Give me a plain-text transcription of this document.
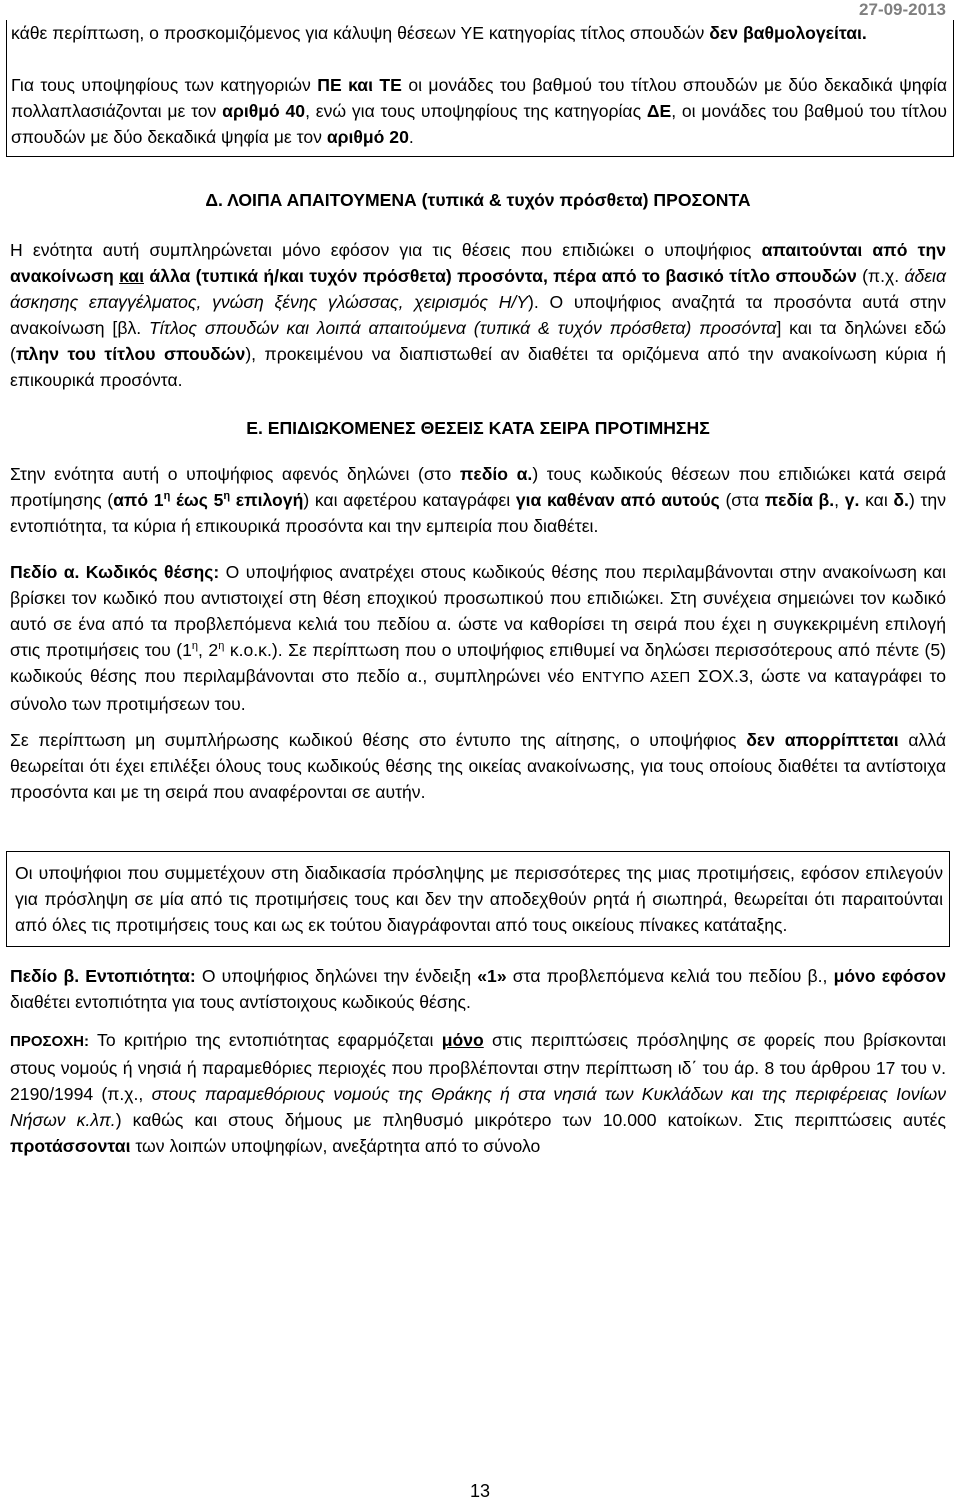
27-09-2013

κάθε περίπτωση, ο προσκομιζόμενος για κάλυψη θέσεων ΥΕ κατηγορίας τίτλος σπουδών δεν βαθμολογείται.

Για τους υποψηφίους των κατηγοριών ΠΕ και ΤΕ οι μονάδες του βαθμού του τίτλου σπουδών με δύο δεκαδικά ψηφία πολλαπλασιάζονται με τον αριθμό 40, ενώ για τους υποψηφίους της κατηγορίας ΔΕ, οι μονάδες του βαθμού του τίτλου σπουδών με δύο δεκαδικά ψηφία με τον αριθμό 20.

Δ. ΛΟΙΠΑ ΑΠΑΙΤΟΥΜΕΝΑ (τυπικά & τυχόν πρόσθετα) ΠΡΟΣΟΝΤΑ

Η ενότητα αυτή συμπληρώνεται μόνο εφόσον για τις θέσεις που επιδιώκει ο υποψήφιος απαιτούνται από την ανακοίνωση και άλλα (τυπικά ή/και τυχόν πρόσθετα) προσόντα, πέρα από το βασικό τίτλο σπουδών (π.χ. άδεια άσκησης επαγγέλματος, γνώση ξένης γλώσσας, χειρισμός Η/Υ). Ο υποψήφιος αναζητά τα προσόντα αυτά στην ανακοίνωση [βλ. Τίτλος σπουδών και λοιπά απαιτούμενα (τυπικά & τυχόν πρόσθετα) προσόντα] και τα δηλώνει εδώ (πλην του τίτλου σπουδών), προκειμένου να διαπιστωθεί αν διαθέτει τα οριζόμενα από την ανακοίνωση κύρια ή επικουρικά προσόντα.

Ε. ΕΠΙΔΙΩΚΟΜΕΝΕΣ ΘΕΣΕΙΣ ΚΑΤΑ ΣΕΙΡΑ ΠΡΟΤΙΜΗΣΗΣ

Στην ενότητα αυτή ο υποψήφιος αφενός δηλώνει (στο πεδίο α.) τους κωδικούς θέσεων που επιδιώκει κατά σειρά προτίμησης (από $1^\eta$ έως $5^\eta$ επιλογή) και αφετέρου καταγράφει για καθέναν από αυτούς (στα πεδία β., γ. και δ.) την εντοπιότητα, τα κύρια ή επικουρικά προσόντα και την εμπειρία που διαθέτει.

Πεδίο α. Κωδικός θέσης: Ο υποψήφιος ανατρέχει στους κωδικούς θέσης που περιλαμβάνονται στην ανακοίνωση και βρίσκει τον κωδικό που αντιστοιχεί στη θέση εποχικού προσωπικού που επιδιώκει. Στη συνέχεια σημειώνει τον κωδικό αυτό σε ένα από τα προβλεπόμενα κελιά του πεδίου α. ώστε να καθορίσει τη σειρά που έχει η συγκεκριμένη επιλογή στις προτιμήσεις του ($1^\eta$, $2^\eta$ κ.ο.κ.). Σε περίπτωση που ο υποψήφιος επιθυμεί να δηλώσει περισσότερους από πέντε (5) κωδικούς θέσης που περιλαμβάνονται στο πεδίο α., συμπληρώνει νέο ΕΝΤΥΠΟ ΑΣΕΠ ΣΟΧ.3, ώστε να καταγράφει το σύνολο των προτιμήσεων του.

Σε περίπτωση μη συμπλήρωσης κωδικού θέσης στο έντυπο της αίτησης, ο υποψήφιος δεν απορρίπτεται αλλά θεωρείται ότι έχει επιλέξει όλους τους κωδικούς θέσης της οικείας ανακοίνωσης, για τους οποίους διαθέτει τα αντίστοιχα προσόντα και με τη σειρά που αναφέρονται σε αυτήν.

Οι υποψήφιοι που συμμετέχουν στη διαδικασία πρόσληψης με περισσότερες της μιας προτιμήσεις, εφόσον επιλεγούν για πρόσληψη σε μία από τις προτιμήσεις τους και δεν την αποδεχθούν ρητά ή σιωπηρά, θεωρείται ότι παραιτούνται από όλες τις προτιμήσεις τους και ως εκ τούτου διαγράφονται από τους οικείους πίνακες κατάταξης.

Πεδίο β. Εντοπιότητα: Ο υποψήφιος δηλώνει την ένδειξη «1» στα προβλεπόμενα κελιά του πεδίου β., μόνο εφόσον διαθέτει εντοπιότητα για τους αντίστοιχους κωδικούς θέσης.

ΠΡΟΣΟΧΗ: Το κριτήριο της εντοπιότητας εφαρμόζεται μόνο στις περιπτώσεις πρόσληψης σε φορείς που βρίσκονται στους νομούς ή νησιά ή παραμεθόριες περιοχές που προβλέπονται στην περίπτωση ιδ΄ του άρ. 8 του άρθρου 17 του ν. 2190/1994 (π.χ., στους παραμεθόριους νομούς της Θράκης ή στα νησιά των Κυκλάδων και της περιφέρειας Ιονίων Νήσων κ.λπ.) καθώς και στους δήμους με πληθυσμό μικρότερο των 10.000 κατοίκων. Στις περιπτώσεις αυτές προτάσσονται των λοιπών υποψηφίων, ανεξάρτητα από το σύνολο

13
